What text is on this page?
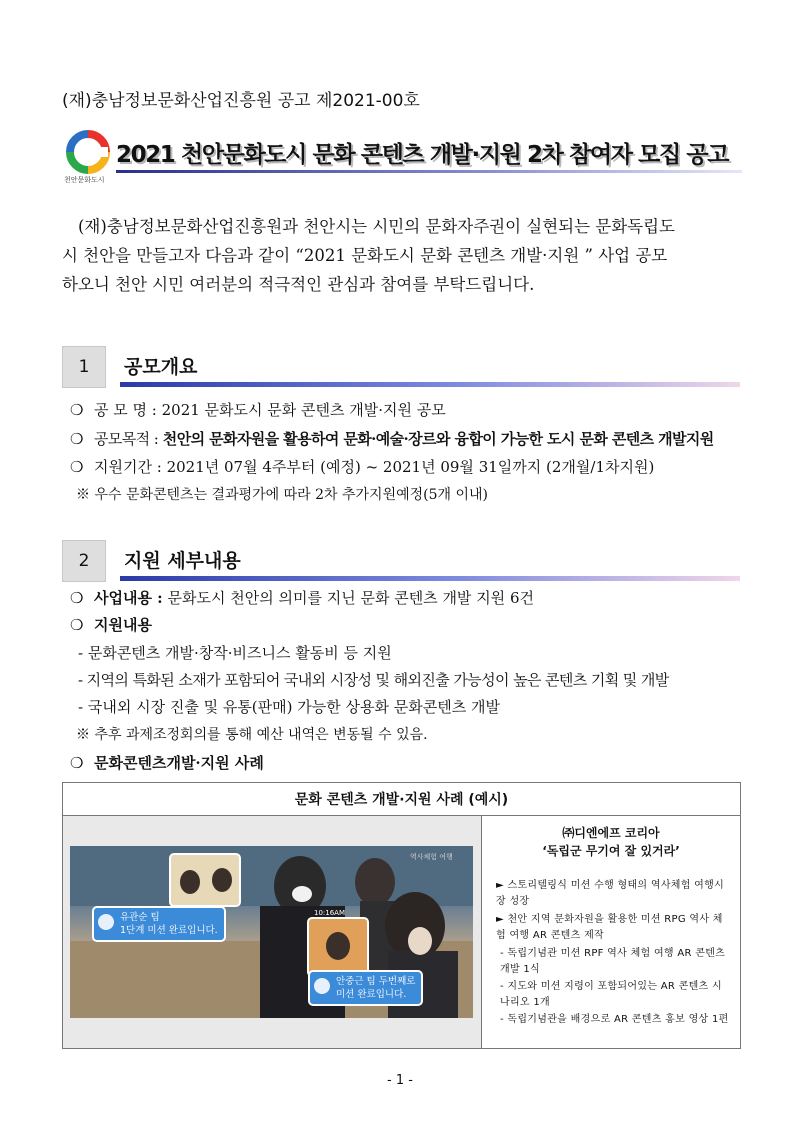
(재)충남정보문화산업진흥원 공고 제2021-00호
천안문화도시
2021 천안문화도시 문화 콘텐츠 개발·지원 2차 참여자 모집 공고
(재)충남정보문화산업진흥원과 천안시는 시민의 문화자주권이 실현되는 문화독립도
시 천안을 만들고자 다음과 같이 “2021 문화도시 문화 콘텐츠 개발·지원 ” 사업 공모
하오니 천안 시민 여러분의 적극적인 관심과 참여를 부탁드립니다.
1	공모개요
❍ 공 모 명 : 2021 문화도시 문화 콘텐츠 개발·지원 공모
❍ 공모목적 : 천안의 문화자원을 활용하여 문화·예술·장르와 융합이 가능한 도시 문화 콘텐츠 개발지원
❍ 지원기간 : 2021년 07월 4주부터 (예정) ~ 2021년 09월 31일까지 (2개월/1차지원)
※ 우수 문화콘텐츠는 결과평가에 따라 2차 추가지원예정(5개 이내)
2	지원 세부내용
❍ 사업내용 : 문화도시 천안의 의미를 지닌 문화 콘텐츠 개발 지원 6건
❍ 지원내용
- 문화콘텐츠 개발·창작·비즈니스 활동비 등 지원
- 지역의 특화된 소재가 포함되어 국내외 시장성 및 해외진출 가능성이 높은 콘텐츠 기획 및 개발
- 국내외 시장 진출 및 유통(판매) 가능한 상용화 문화콘텐츠 개발
※ 추후 과제조정회의를 통해 예산 내역은 변동될 수 있음.
❍ 문화콘텐츠개발·지원 사례
문화 콘텐츠 개발·지원 사례 (예시)
유관순 팀
1단계 미션 완료입니다.
안중근 팀 두번째로
미션 완료입니다.
10:16AM
역사체험 여행
㈜디엔에프 코리아
‘독립군 무기여 잘 있거라’
► 스토리텔링식 미션 수행 형태의 역사체험 여행시장 성장
► 천안 지역 문화자원을 활용한 미션 RPG 역사 체험 여행 AR 콘텐츠 제작
- 독립기념관 미션 RPF 역사 체험 여행 AR 콘텐츠 개발 1식
- 지도와 미션 지령이 포함되어있는 AR 콘텐츠 시나리오 1개
- 독립기념관을 배경으로 AR 콘텐츠 홍보 영상 1편
- 1 -
